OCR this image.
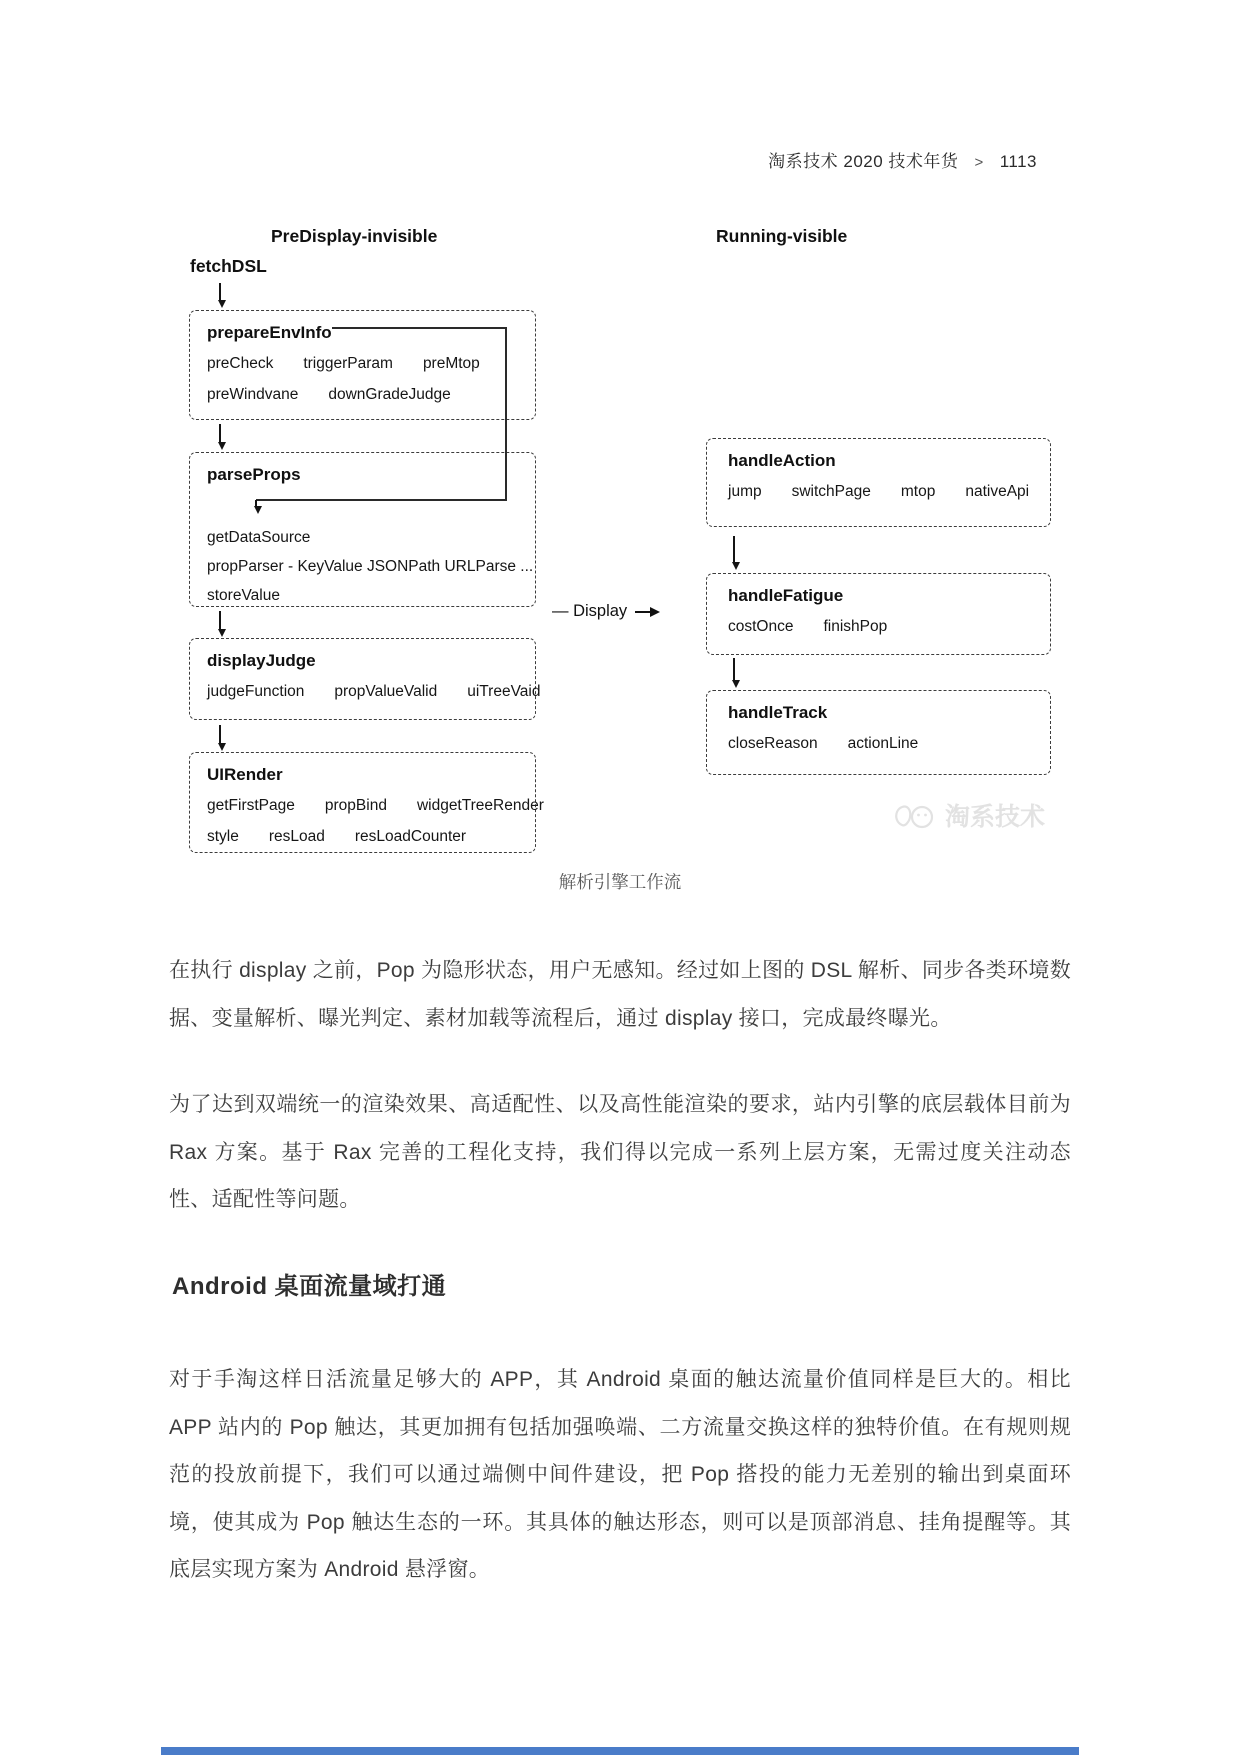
淘系技术 2020 技术年货 > 1113
PreDisplay-invisible	Running-visible
fetchDSL
prepareEnvInfo
preCheck triggerParam preMtop
preWindvane downGradeJudge
parseProps
getDataSource
propParser - KeyValue JSONPath URLParse ...
storeValue
displayJudge
judgeFunction propValueValid uiTreeVaid
UIRender
getFirstPage propBind widgetTreeRender
style resLoad resLoadCounter
— Display
handleAction
jump switchPage mtop nativeApi
handleFatigue
costOnce finishPop
handleTrack
closeReason actionLine
淘系技术
解析引擎工作流

在执行 display 之前，Pop 为隐形状态，用户无感知。经过如上图的 DSL 解析、同步各类环境数据、变量解析、曝光判定、素材加载等流程后，通过 display 接口，完成最终曝光。

为了达到双端统一的渲染效果、高适配性、以及高性能渲染的要求，站内引擎的底层载体目前为 Rax 方案。基于 Rax 完善的工程化支持，我们得以完成一系列上层方案，无需过度关注动态性、适配性等问题。

Android 桌面流量域打通

对于手淘这样日活流量足够大的 APP，其 Android 桌面的触达流量价值同样是巨大的。相比 APP 站内的 Pop 触达，其更加拥有包括加强唤端、二方流量交换这样的独特价值。在有规则规范的投放前提下，我们可以通过端侧中间件建设，把 Pop 搭投的能力无差别的输出到桌面环境，使其成为 Pop 触达生态的一环。其具体的触达形态，则可以是顶部消息、挂角提醒等。其底层实现方案为 Android 悬浮窗。
